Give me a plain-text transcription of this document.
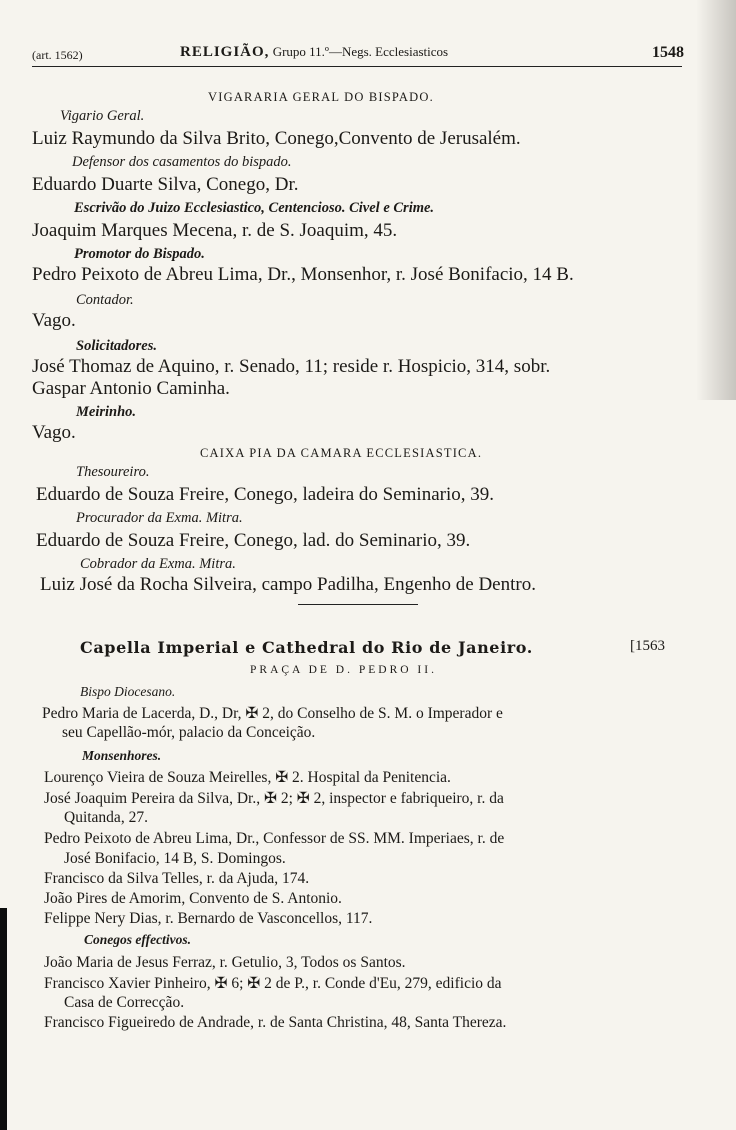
(art. 1562)	RELIGIÃO, Grupo 11.º—Negs. Ecclesiasticos	1548
VIGARARIA GERAL DO BISPADO.
Vigario Geral.
Luiz Raymundo da Silva Brito, Conego,Convento de Jerusalém.
Defensor dos casamentos do bispado.
Eduardo Duarte Silva, Conego, Dr.
Escrivão do Juizo Ecclesiastico, Centencioso. Civel e Crime.
Joaquim Marques Mecena, r. de S. Joaquim, 45.
Promotor do Bispado.
Pedro Peixoto de Abreu Lima, Dr., Monsenhor, r. José Bonifacio, 14 B.
Contador.
Vago.
Solicitadores.
José Thomaz de Aquino, r. Senado, 11; reside r. Hospicio, 314, sobr.
Gaspar Antonio Caminha.
Meirinho.
Vago.
CAIXA PIA DA CAMARA ECCLESIASTICA.
Thesoureiro.
Eduardo de Souza Freire, Conego, ladeira do Seminario, 39.
Procurador da Exma. Mitra.
Eduardo de Souza Freire, Conego, lad. do Seminario, 39.
Cobrador da Exma. Mitra.
Luiz José da Rocha Silveira, campo Padilha, Engenho de Dentro.
Capella Imperial e Cathedral do Rio de Janeiro.	[1563
PRAÇA DE D. PEDRO II.
Bispo Diocesano.
Pedro Maria de Lacerda, D., Dr, ✠ 2, do Conselho de S. M. o Imperador e
seu Capellão-mór, palacio da Conceição.
Monsenhores.
Lourenço Vieira de Souza Meirelles, ✠ 2. Hospital da Penitencia.
José Joaquim Pereira da Silva, Dr., ✠ 2; ✠ 2, inspector e fabriqueiro, r. da
Quitanda, 27.
Pedro Peixoto de Abreu Lima, Dr., Confessor de SS. MM. Imperiaes, r. de
José Bonifacio, 14 B, S. Domingos.
Francisco da Silva Telles, r. da Ajuda, 174.
João Pires de Amorim, Convento de S. Antonio.
Felippe Nery Dias, r. Bernardo de Vasconcellos, 117.
Conegos effectivos.
João Maria de Jesus Ferraz, r. Getulio, 3, Todos os Santos.
Francisco Xavier Pinheiro, ✠ 6; ✠ 2 de P., r. Conde d'Eu, 279, edificio da
Casa de Correcção.
Francisco Figueiredo de Andrade, r. de Santa Christina, 48, Santa Thereza.
